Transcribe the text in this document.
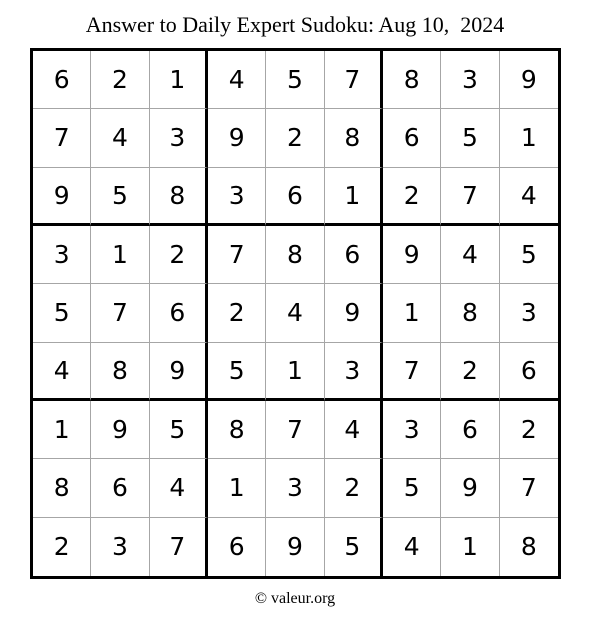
Answer to Daily Expert Sudoku: Aug 10,  2024
6	2	1	4	5	7	8	3	9
7	4	3	9	2	8	6	5	1
9	5	8	3	6	1	2	7	4
3	1	2	7	8	6	9	4	5
5	7	6	2	4	9	1	8	3
4	8	9	5	1	3	7	2	6
1	9	5	8	7	4	3	6	2
8	6	4	1	3	2	5	9	7
2	3	7	6	9	5	4	1	8
© valeur.org
